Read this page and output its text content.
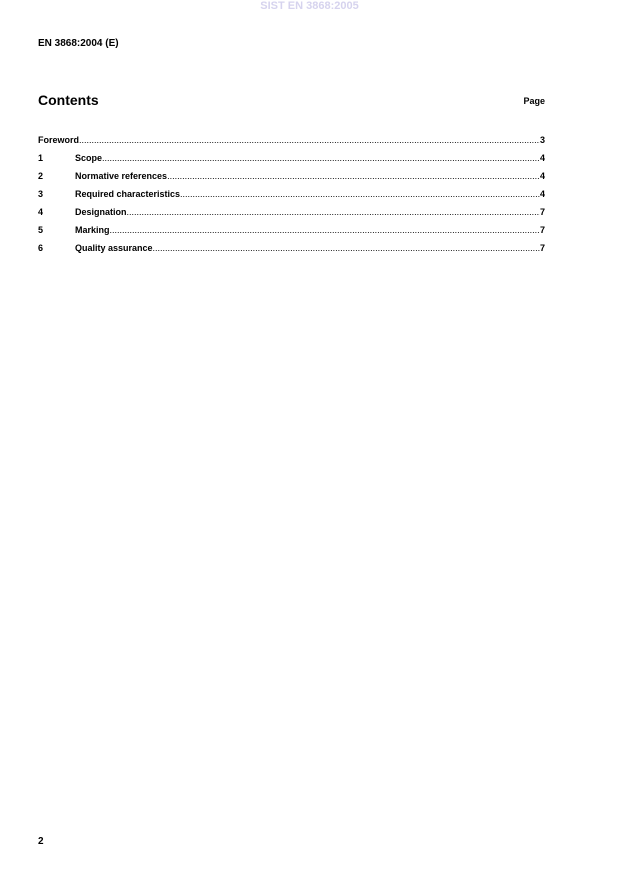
SIST EN 3868:2005
EN 3868:2004 (E)
Contents	Page
Foreword .....	3
1	Scope .....	4
2	Normative references .....	4
3	Required characteristics .....	4
4	Designation .....	7
5	Marking .....	7
6	Quality assurance .....	7
2
